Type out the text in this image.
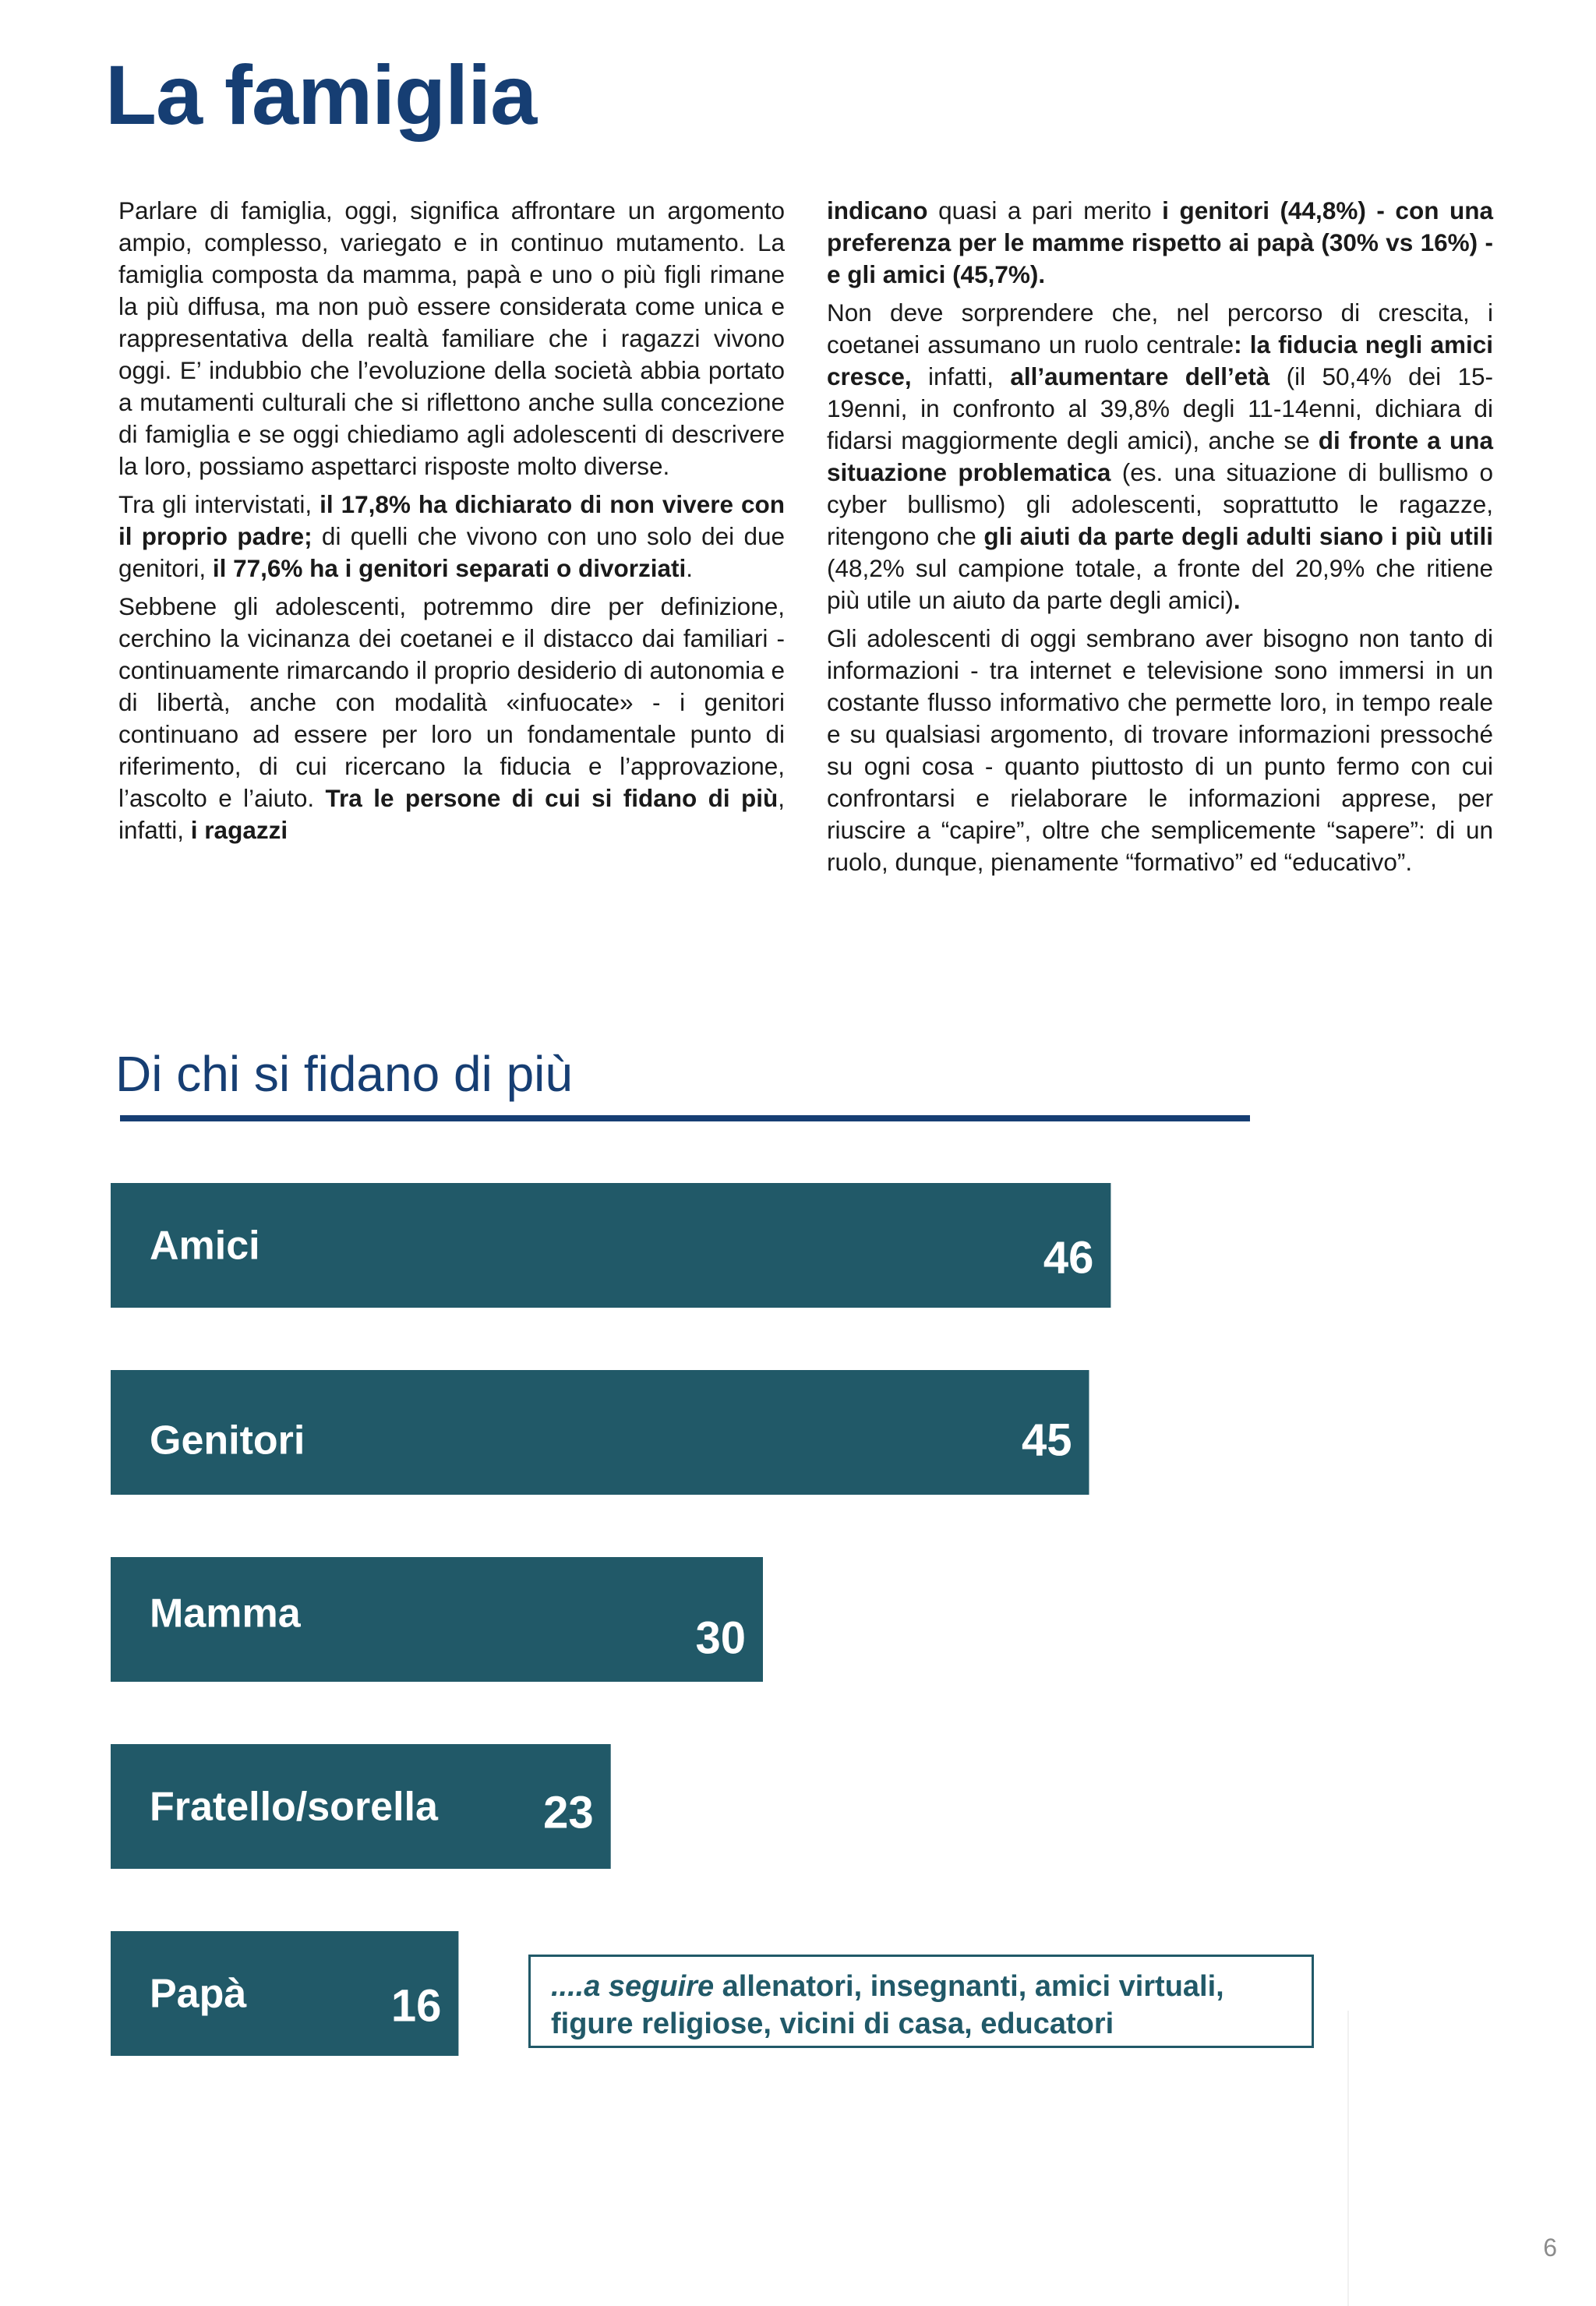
La famiglia

Parlare di famiglia, oggi, significa affrontare un argomento ampio, complesso, variegato e in continuo mutamento. La famiglia composta da mamma, papà e uno o più figli rimane la più diffusa, ma non può essere considerata come unica e rappresentativa della realtà familiare che i ragazzi vivono oggi. E’ indubbio che l’evoluzione della società abbia portato a mutamenti culturali che si riflettono anche sulla concezione di famiglia e se oggi chiediamo agli adolescenti di descrivere la loro, possiamo aspettarci risposte molto diverse.

Tra gli intervistati, il 17,8% ha dichiarato di non vivere con il proprio padre; di quelli che vivono con uno solo dei due genitori, il 77,6% ha i genitori separati o divorziati.

Sebbene gli adolescenti, potremmo dire per definizione, cerchino la vicinanza dei coetanei e il distacco dai familiari - continuamente rimarcando il proprio desiderio di autonomia e di libertà, anche con modalità «infuocate» - i genitori continuano ad essere per loro un fondamentale punto di riferimento, di cui ricercano la fiducia e l’approvazione, l’ascolto e l’aiuto. Tra le persone di cui si fidano di più, infatti, i ragazzi

indicano quasi a pari merito i genitori (44,8%) - con una preferenza per le mamme rispetto ai papà (30% vs 16%) - e gli amici (45,7%).

Non deve sorprendere che, nel percorso di crescita, i coetanei assumano un ruolo centrale: la fiducia negli amici cresce, infatti, all’aumentare dell’età (il 50,4% dei 15-19enni, in confronto al 39,8% degli 11-14enni, dichiara di fidarsi maggiormente degli amici), anche se di fronte a una situazione problematica (es. una situazione di bullismo o cyber bullismo) gli adolescenti, soprattutto le ragazze, ritengono che gli aiuti da parte degli adulti siano i più utili (48,2% sul campione totale, a fronte del 20,9% che ritiene più utile un aiuto da parte degli amici).

Gli adolescenti di oggi sembrano aver bisogno non tanto di informazioni - tra internet e televisione sono immersi in un costante flusso informativo che permette loro, in tempo reale e su qualsiasi argomento, di trovare informazioni pressoché su ogni cosa - quanto piuttosto di un punto fermo con cui confrontarsi e rielaborare le informazioni apprese, per riuscire a “capire”, oltre che semplicemente “sapere”: di un ruolo, dunque, pienamente “formativo” ed “educativo”.

Di chi si fidano di più
Amici	46
Genitori	45
Mamma	30
Fratello/sorella 23
Papà	16	....a seguire allenatori, insegnanti, amici virtuali, figure religiose, vicini di casa, educatori
6
